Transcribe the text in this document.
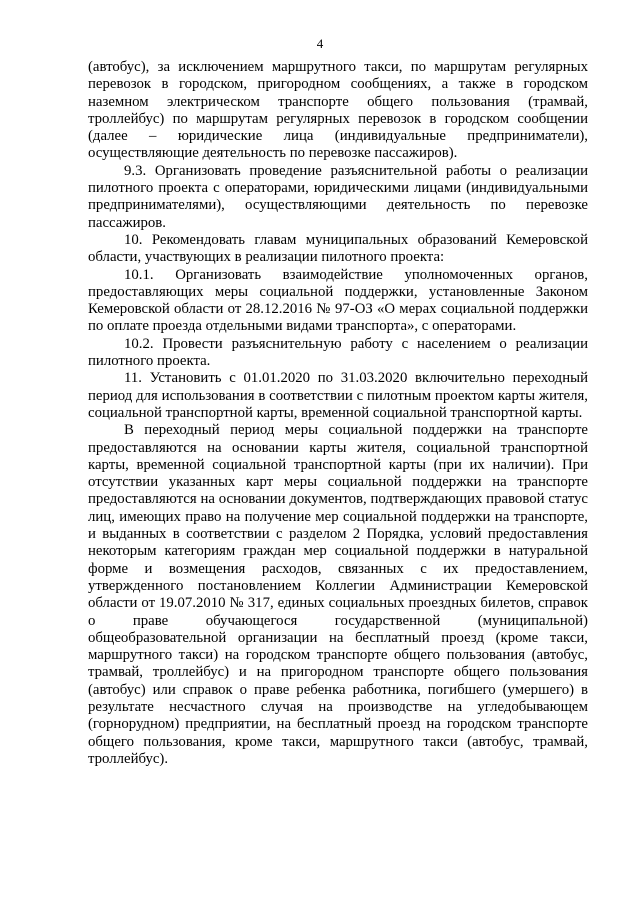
4

(автобус), за исключением маршрутного такси, по маршрутам регулярных перевозок в городском, пригородном сообщениях, а также в городском наземном электрическом транспорте общего пользования (трамвай, троллейбус) по маршрутам регулярных перевозок в городском сообщении (далее – юридические лица (индивидуальные предприниматели), осуществляющие деятельность по перевозке пассажиров).

9.3. Организовать проведение разъяснительной работы о реализации пилотного проекта с операторами, юридическими лицами (индивидуальными предпринимателями), осуществляющими деятельность по перевозке пассажиров.

10. Рекомендовать главам муниципальных образований Кемеровской области, участвующих в реализации пилотного проекта:

10.1. Организовать взаимодействие уполномоченных органов, предоставляющих меры социальной поддержки, установленные Законом Кемеровской области от 28.12.2016 № 97-ОЗ «О мерах социальной поддержки по оплате проезда отдельными видами транспорта», с операторами.

10.2. Провести разъяснительную работу с населением о реализации пилотного проекта.

11. Установить с 01.01.2020 по 31.03.2020 включительно переходный период для использования в соответствии с пилотным проектом карты жителя, социальной транспортной карты, временной социальной транспортной карты.

В переходный период меры социальной поддержки на транспорте предоставляются на основании карты жителя, социальной транспортной карты, временной социальной транспортной карты (при их наличии). При отсутствии указанных карт меры социальной поддержки на транспорте предоставляются на основании документов, подтверждающих правовой статус лиц, имеющих право на получение мер социальной поддержки на транспорте, и выданных в соответствии с разделом 2 Порядка, условий предоставления некоторым категориям граждан мер социальной поддержки в натуральной форме и возмещения расходов, связанных с их предоставлением, утвержденного постановлением Коллегии Администрации Кемеровской области от 19.07.2010 № 317, единых социальных проездных билетов, справок о праве обучающегося государственной (муниципальной) общеобразовательной организации на бесплатный проезд (кроме такси, маршрутного такси) на городском транспорте общего пользования (автобус, трамвай, троллейбус) и на пригородном транспорте общего пользования (автобус) или справок о праве ребенка работника, погибшего (умершего) в результате несчастного случая на производстве на угледобывающем (горнорудном) предприятии, на бесплатный проезд на городском транспорте общего пользования, кроме такси, маршрутного такси (автобус, трамвай, троллейбус).
